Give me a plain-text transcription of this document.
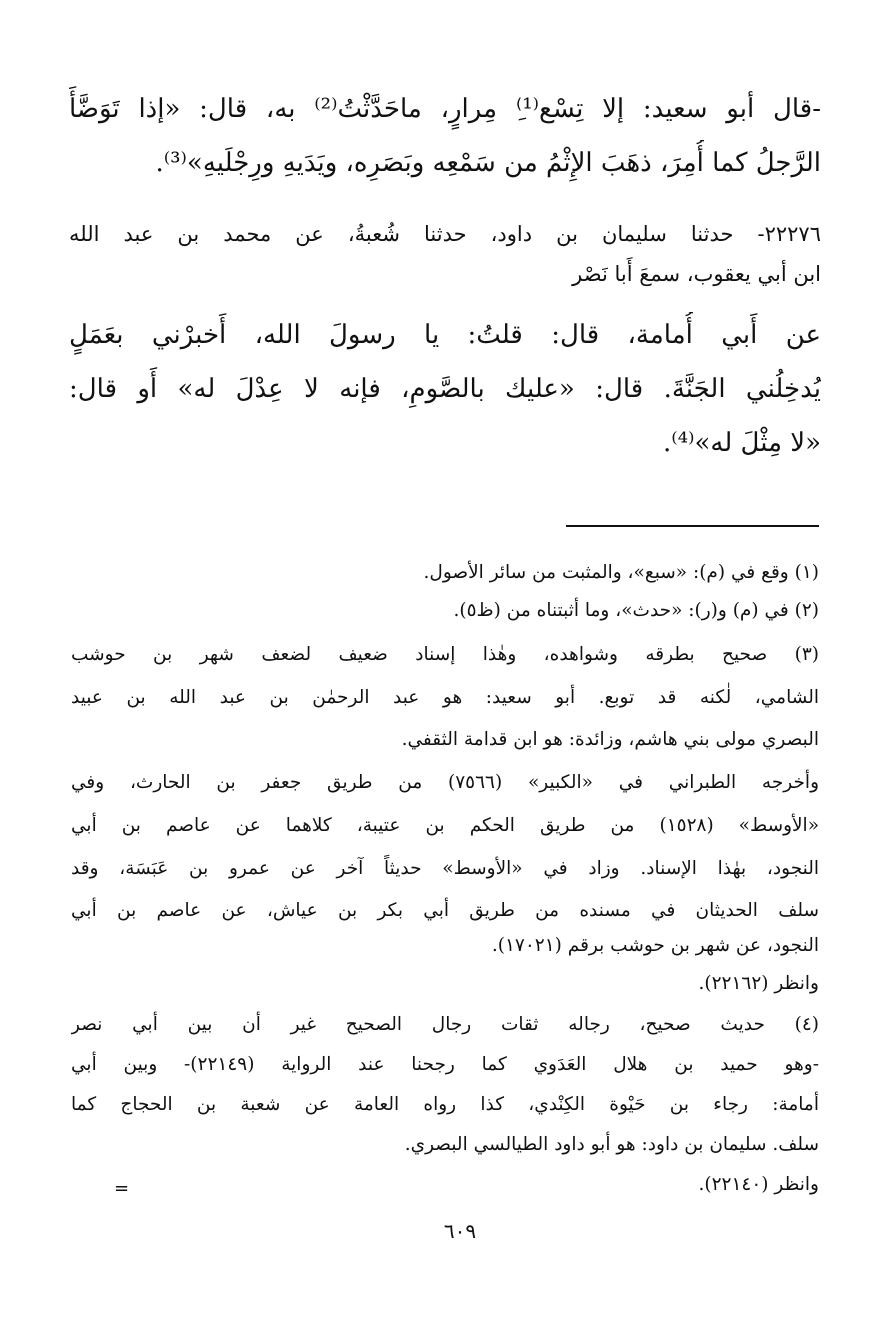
-قال أبو سعيد: إلا تِسْع⁽¹⁾ِ مِرارٍ، ماحَدَّثْتُ⁽²⁾ به، قال: «إذا تَوَضَّأَ
الرَّجلُ كما أُمِرَ، ذهَبَ الإِثْمُ من سَمْعِه وبَصَرِه، ويَدَيهِ ورِجْلَيهِ»⁽³⁾.
٢٢٢٧٦- حدثنا سليمان بن داود، حدثنا شُعبةُ، عن محمد بن عبد الله
ابن أبي يعقوب، سمعَ أَبا نَصْر
عن أَبي أُمامة، قال: قلتُ: يا رسولَ الله، أَخبرْني بعَمَلٍ
يُدخِلُني الجَنَّةَ. قال: «عليك بالصَّومِ، فإنه لا عِدْلَ له» أَو قال:
«لا مِثْلَ له»⁽⁴⁾.
(١) وقع في (م): «سبع»، والمثبت من سائر الأصول.
(٢) في (م) و(ر): «حدث»، وما أثبتناه من (ظ٥).
(٣) صحيح بطرقه وشواهده، وهٰذا إسناد ضعيف لضعف شهر بن حوشب
الشامي، لٰكنه قد توبع. أبو سعيد: هو عبد الرحمٰن بن عبد الله بن عبيد
البصري مولى بني هاشم، وزائدة: هو ابن قدامة الثقفي.
وأخرجه الطبراني في «الكبير» (٧٥٦٦) من طريق جعفر بن الحارث، وفي
«الأوسط» (١٥٢٨) من طريق الحكم بن عتيبة، كلاهما عن عاصم بن أبي
النجود، بهٰذا الإسناد. وزاد في «الأوسط» حديثاً آخر عن عمرو بن عَبَسَة، وقد
سلف الحديثان في مسنده من طريق أبي بكر بن عياش، عن عاصم بن أبي
النجود، عن شهر بن حوشب برقم (١٧٠٢١).
وانظر (٢٢١٦٢).
(٤) حديث صحيح، رجاله ثقات رجال الصحيح غير أن بين أبي نصر
-وهو حميد بن هلال العَدَوي كما رجحنا عند الرواية (٢٢١٤٩)- وبين أبي
أمامة: رجاء بن حَيْوة الكِنْدي، كذا رواه العامة عن شعبة بن الحجاج كما
سلف. سليمان بن داود: هو أبو داود الطيالسي البصري.
وانظر (٢٢١٤٠).
=
٦٠٩
